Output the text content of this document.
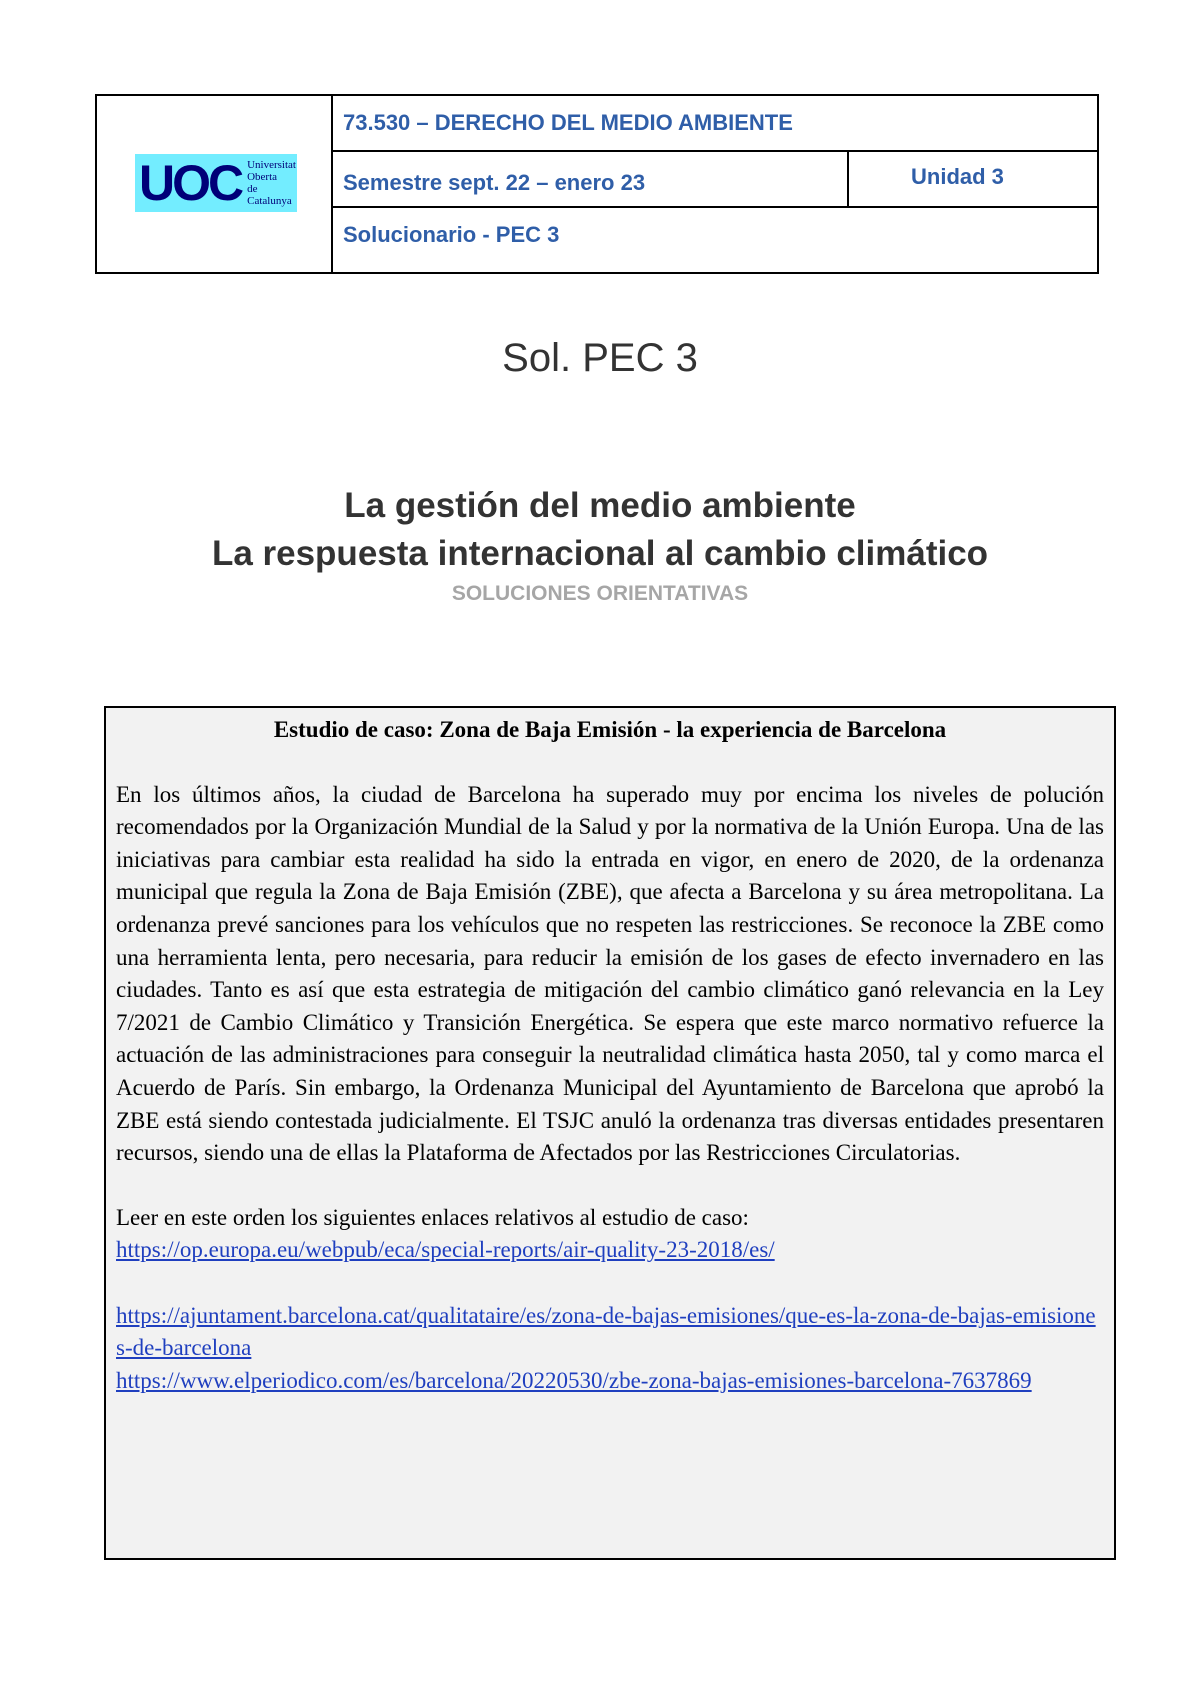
UOC Universitat
Oberta
de Catalunya
73.530 – DERECHO DEL MEDIO AMBIENTE
Semestre sept. 22 – enero 23	Unidad 3
Solucionario - PEC 3
Sol. PEC 3
La gestión del medio ambiente
La respuesta internacional al cambio climático
SOLUCIONES ORIENTATIVAS
Estudio de caso: Zona de Baja Emisión - la experiencia de Barcelona

En los últimos años, la ciudad de Barcelona ha superado muy por encima los niveles de polución recomendados por la Organización Mundial de la Salud y por la normativa de la Unión Europa. Una de las iniciativas para cambiar esta realidad ha sido la entrada en vigor, en enero de 2020, de la ordenanza municipal que regula la Zona de Baja Emisión (ZBE), que afecta a Barcelona y su área metropolitana. La ordenanza prevé sanciones para los vehículos que no respeten las restricciones. Se reconoce la ZBE como una herramienta lenta, pero necesaria, para reducir la emisión de los gases de efecto invernadero en las ciudades. Tanto es así que esta estrategia de mitigación del cambio climático ganó relevancia en la Ley 7/2021 de Cambio Climático y Transición Energética. Se espera que este marco normativo refuerce la actuación de las administraciones para conseguir la neutralidad climática hasta 2050, tal y como marca el Acuerdo de París. Sin embargo, la Ordenanza Municipal del Ayuntamiento de Barcelona que aprobó la ZBE está siendo contestada judicialmente. El TSJC anuló la ordenanza tras diversas entidades presentaren recursos, siendo una de ellas la Plataforma de Afectados por las Restricciones Circulatorias.

Leer en este orden los siguientes enlaces relativos al estudio de caso:

https://op.europa.eu/webpub/eca/special-reports/air-quality-23-2018/es/
https://ajuntament.barcelona.cat/qualitataire/es/zona-de-bajas-emisiones/que-es-la-zona-de-bajas-emisiones-de-barcelona
https://www.elperiodico.com/es/barcelona/20220530/zbe-zona-bajas-emisiones-barcelona-7637869
